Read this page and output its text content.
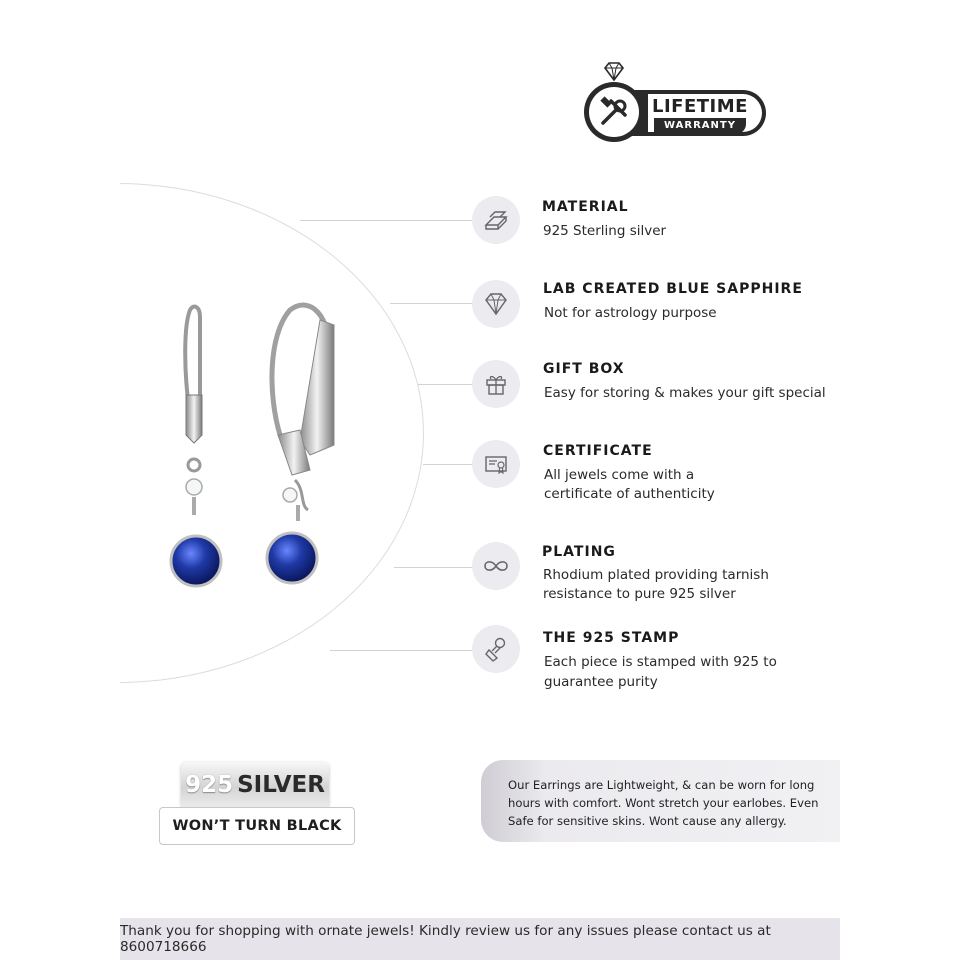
LIFETIME
WARRANTY
MATERIAL
925 Sterling silver
LAB CREATED BLUE SAPPHIRE
Not for astrology purpose
GIFT BOX
Easy for storing & makes your gift special
CERTIFICATE
All jewels come with a
certificate of authenticity
PLATING
Rhodium plated providing tarnish
resistance to pure 925 silver
THE 925 STAMP
Each piece is stamped with 925 to
guarantee purity
925 SILVER
WON’T TURN BLACK
Our Earrings are Lightweight, & can be worn for long hours with comfort. Wont stretch your earlobes. Even Safe for sensitive skins. Wont cause any allergy.
Thank you for shopping with ornate jewels! Kindly review us for any issues please contact us at 8600718666
